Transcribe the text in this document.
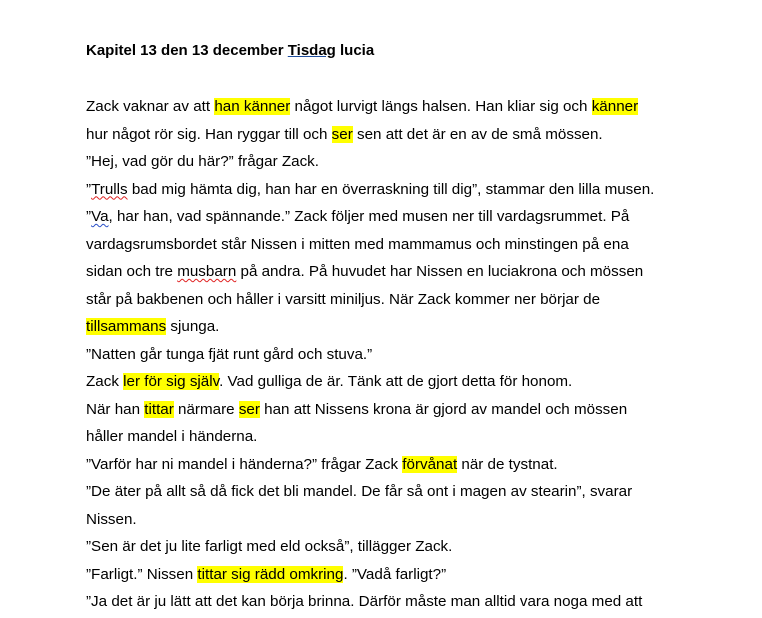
Kapitel 13 den 13 december Tisdag lucia
Zack vaknar av att han känner något lurvigt längs halsen. Han kliar sig och känner
hur något rör sig. Han ryggar till och ser sen att det är en av de små mössen.
”Hej, vad gör du här?” frågar Zack.
”Trulls bad mig hämta dig, han har en överraskning till dig”, stammar den lilla musen.
”Va, har han, vad spännande.” Zack följer med musen ner till vardagsrummet. På
vardagsrumsbordet står Nissen i mitten med mammamus och minstingen på ena
sidan och tre musbarn på andra. På huvudet har Nissen en luciakrona och mössen
står på bakbenen och håller i varsitt miniljus. När Zack kommer ner börjar de
tillsammans sjunga.
”Natten går tunga fjät runt gård och stuva.”
Zack ler för sig själv. Vad gulliga de är. Tänk att de gjort detta för honom.
När han tittar närmare ser han att Nissens krona är gjord av mandel och mössen
håller mandel i händerna.
”Varför har ni mandel i händerna?” frågar Zack förvånat när de tystnat.
”De äter på allt så då fick det bli mandel. De får så ont i magen av stearin”, svarar
Nissen.
”Sen är det ju lite farligt med eld också”, tillägger Zack.
”Farligt.” Nissen tittar sig rädd omkring. ”Vadå farligt?”
”Ja det är ju lätt att det kan börja brinna. Därför måste man alltid vara noga med att
